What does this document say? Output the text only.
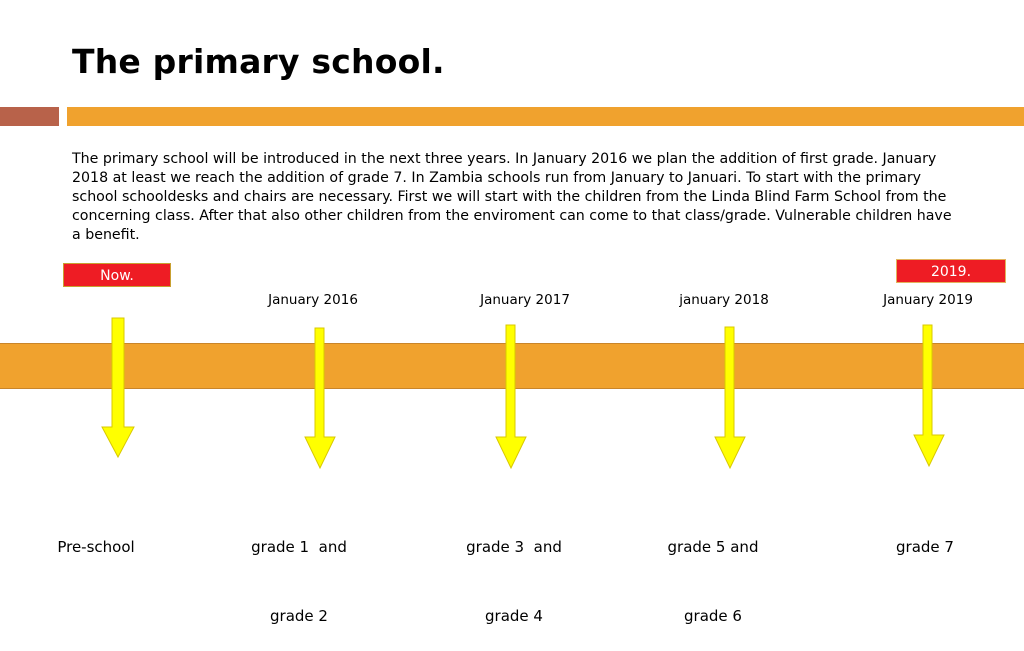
The primary school.
The primary school will be introduced in the next three years. In January 2016 we plan the addition of first grade. January 2018 at least we reach the addition of grade 7. In Zambia schools run from January to Januari. To start with the primary school schooldesks and chairs are necessary. First we will start with the children from the Linda Blind Farm School from the concerning class. After that also other children from the enviroment can come to that class/grade. Vulnerable children have a benefit.
Now.	2019.
January 2016	January 2017	january 2018	January 2019

Pre-school

	grade 1  and

grade 2

grade 3  and

grade 4

grade 5 and

grade 6

grade 7
